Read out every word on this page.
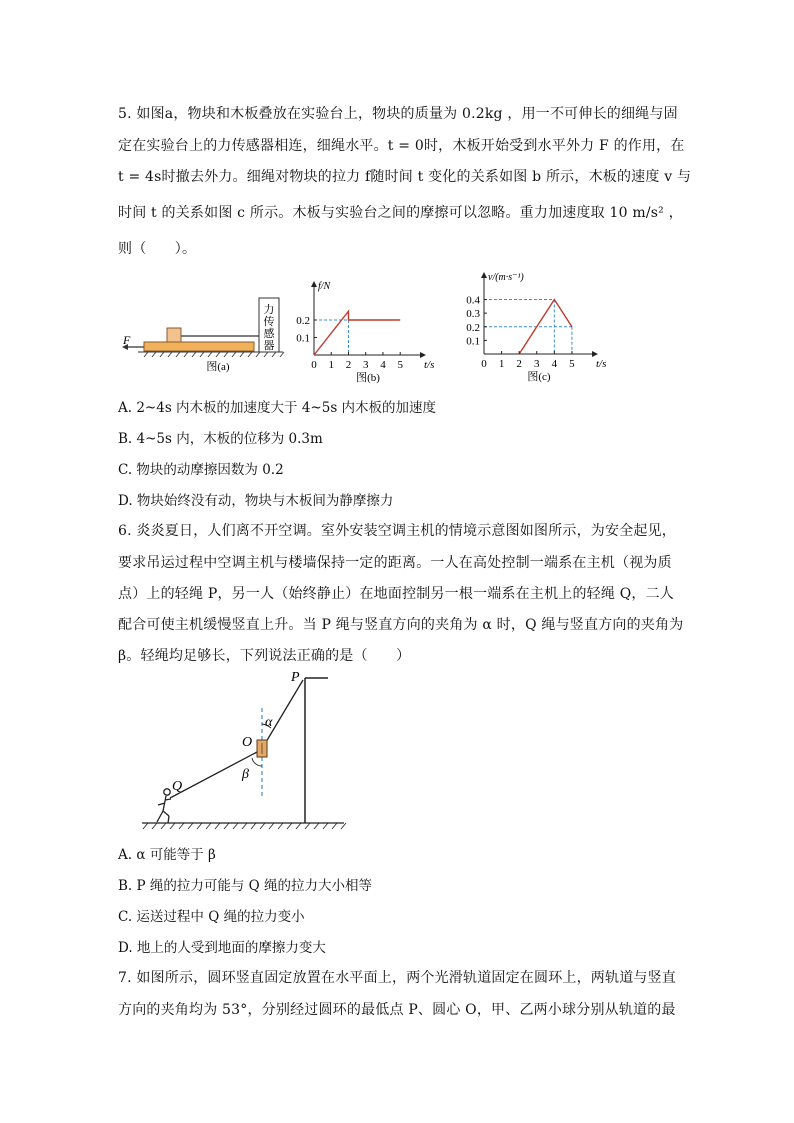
5. 如图a，物块和木板叠放在实验台上，物块的质量为 0.2kg ，用一不可伸长的细绳与固
定在实验台上的力传感器相连，细绳水平。t = 0时，木板开始受到水平外力 F 的作用，在
t = 4s时撤去外力。细绳对物块的拉力 f随时间 t 变化的关系如图 b 所示，木板的速度 v 与
时间 t 的关系如图 c 所示。木板与实验台之间的摩擦可以忽略。重力加速度取 10 m/s² ，
则（　　）。
力传感器
F
图(a)	0 1 2 3 4 5
0.1
0.2
t/s
f/N
图(b)
0 1 2 3 4 5
0.1
0.2
0.3
0.4
t/s
v/(m·s⁻¹)
图(c)
A. 2~4s 内木板的加速度大于 4~5s 内木板的加速度
B. 4~5s 内，木板的位移为 0.3m
C. 物块的动摩擦因数为 0.2
D. 物块始终没有动，物块与木板间为静摩擦力
6. 炎炎夏日，人们离不开空调。室外安装空调主机的情境示意图如图所示，为安全起见，
要求吊运过程中空调主机与楼墙保持一定的距离。一人在高处控制一端系在主机（视为质
点）上的轻绳 P，另一人（始终静止）在地面控制另一根一端系在主机上的轻绳 Q，二人
配合可使主机缓慢竖直上升。当 P 绳与竖直方向的夹角为 α 时，Q 绳与竖直方向的夹角为
β。轻绳均足够长，下列说法正确的是（　　）
P
O
Q
α
β
A. α 可能等于 β
B. P 绳的拉力可能与 Q 绳的拉力大小相等
C. 运送过程中 Q 绳的拉力变小
D. 地上的人受到地面的摩擦力变大
7. 如图所示，圆环竖直固定放置在水平面上，两个光滑轨道固定在圆环上，两轨道与竖直
方向的夹角均为 53°，分别经过圆环的最低点 P、圆心 O，甲、乙两小球分别从轨道的最
